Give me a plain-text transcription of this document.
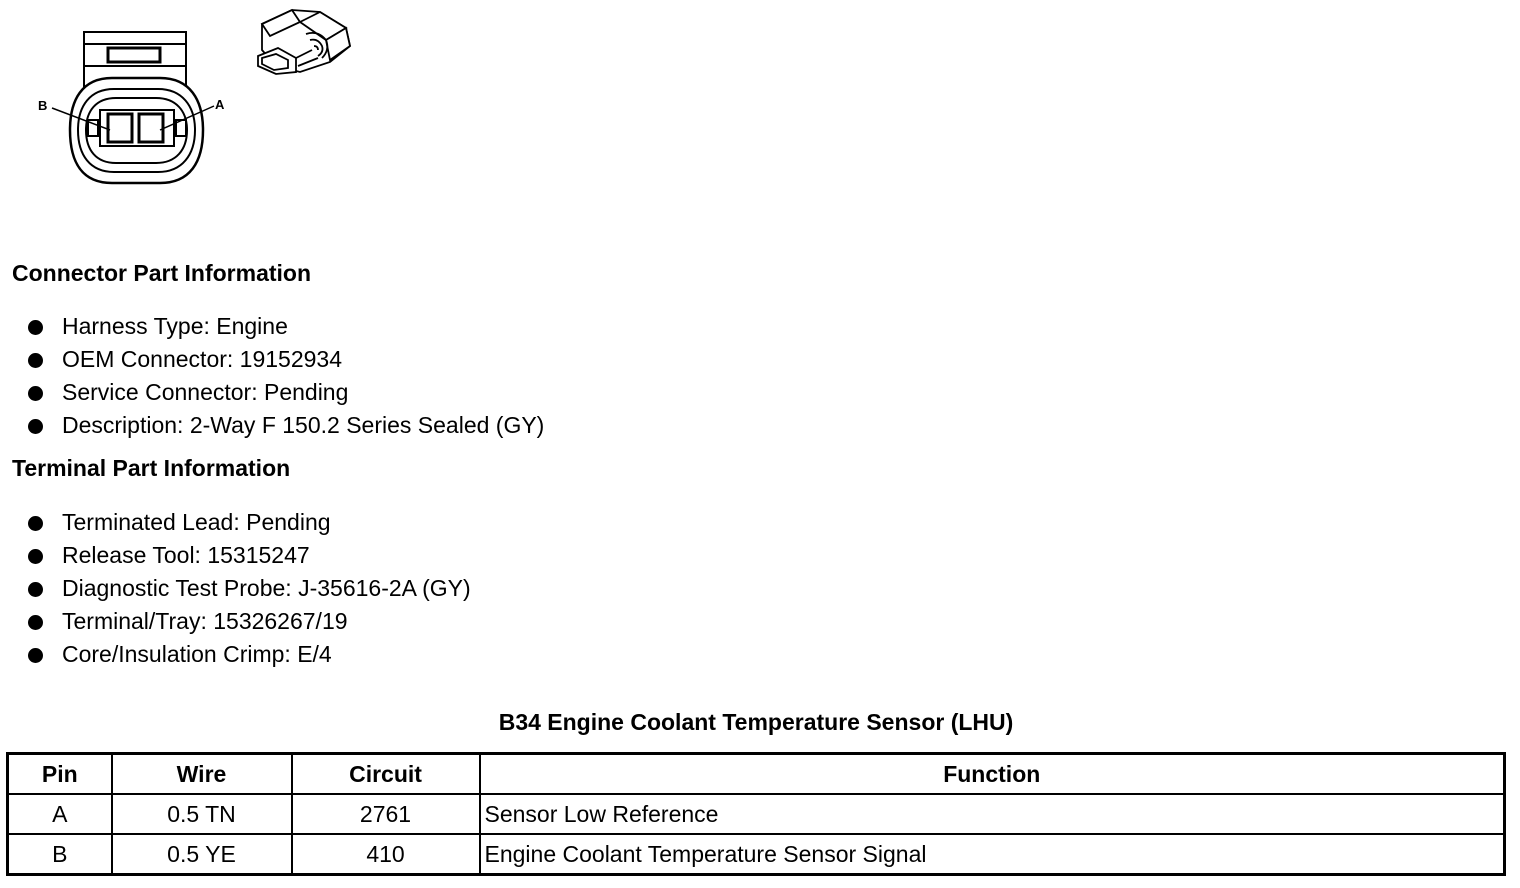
B	A
Connector Part Information
Harness Type: Engine
OEM Connector: 19152934
Service Connector: Pending
Description: 2-Way F 150.2 Series Sealed (GY)
Terminal Part Information
Terminated Lead: Pending
Release Tool: 15315247
Diagnostic Test Probe: J-35616-2A (GY)
Terminal/Tray: 15326267/19
Core/Insulation Crimp: E/4
B34 Engine Coolant Temperature Sensor (LHU)
Pin	Wire	Circuit	Function
A	0.5 TN	2761	Sensor Low Reference
B	0.5 YE	410	Engine Coolant Temperature Sensor Signal
